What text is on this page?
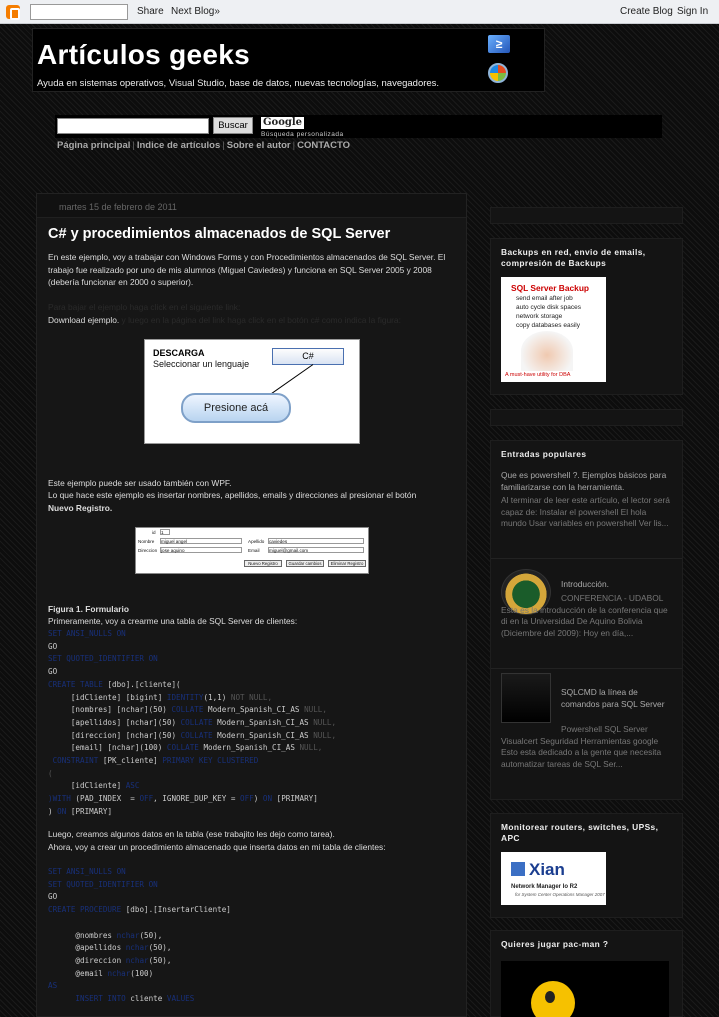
Share Next Blog»	Create Blog Sign In
Artículos geeks
Ayuda en sistemas operativos, Visual Studio, base de datos, nuevas tecnologías, navegadores.
≥
Buscar	Google
Búsqueda personalizada
Página principal | Indice de artículos | Sobre el autor | CONTACTO
martes 15 de febrero de 2011
C# y procedimientos almacenados de SQL Server
En este ejemplo, voy a trabajar con Windows Forms y con Procedimientos almacenados de SQL Server. El trabajo fue realizado por uno de mis alumnos (Miguel Caviedes) y funciona en SQL Server 2005 y 2008 (debería funcionar en 2000 o superior).
Para bajar el ejemplo haga click en el siguiente link:
Download ejemplo. y luego en la página del link haga click en el botón c# como indica la figura:
DESCARGA
Seleccionar un lenguaje
C#
Presione acá
Este ejemplo puede ser usado también con WPF.
Lo que hace este ejemplo es insertar nombres, apellidos, emails y direcciones al presionar el botón
Nuevo Registro.
id 1
Nombre miguel angel	Apellido caviedes
Direccion jose aquino	Email miguel@gmail.com
Nuevo Registro	Guardar cambios	Eliminar Registro
Figura 1. Formulario
Primeramente, voy a crearme una tabla de SQL Server de clientes:
SET ANSI_NULLS ON
GO
SET QUOTED_IDENTIFIER ON
GO
CREATE TABLE [dbo].[cliente](
[idCliente] [bigint] IDENTITY(1,1) NOT NULL,
[nombres] [nchar](50) COLLATE Modern_Spanish_CI_AS NULL,
[apellidos] [nchar](50) COLLATE Modern_Spanish_CI_AS NULL,
[direccion] [nchar](50) COLLATE Modern_Spanish_CI_AS NULL,
[email] [nchar](100) COLLATE Modern_Spanish_CI_AS NULL,
CONSTRAINT [PK_cliente] PRIMARY KEY CLUSTERED
(
[idCliente] ASC
)WITH (PAD_INDEX  = OFF, IGNORE_DUP_KEY = OFF) ON [PRIMARY]
) ON [PRIMARY]
Luego, creamos algunos datos en la tabla (ese trabajito les dejo como tarea).
Ahora, voy a crear un procedimiento almacenado que inserta datos en mi tabla de clientes:
SET ANSI_NULLS ON
SET QUOTED_IDENTIFIER ON
GO
CREATE PROCEDURE [dbo].[InsertarCliente]

@nombres nchar(50),
@apellidos nchar(50),
@direccion nchar(50),
@email nchar(100)
AS
INSERT INTO cliente VALUES
Backups en red, envio de emails, compresión de Backups
SQL Server Backup
send email after job
auto cycle disk spaces
network storage
copy databases easily
A must-have utility for DBA
Entradas populares
Que es powershell ?. Ejemplos básicos para familiarizarse con la herramienta.
Al terminar de leer este artículo, el lector será capaz de: Instalar el powershell El hola mundo Usar variables en powershell Ver lis...
Introducción.
CONFERENCIA - UDABOL Esta es la introducción de la conferencia que di en la Universidad De Aquino Bolivia (Diciembre del 2009): Hoy en día,...
SQLCMD la línea de comandos para SQL Server
Powershell SQL Server Visualcert Seguridad Herramientas google Esto esta dedicado a la gente que necesita automatizar tareas de SQL Ser...
Monitorear routers, switches, UPSs, APC
Xian
Network Manager Io R2
for System Center Operations Manager 2007
Quieres jugar pac-man ?
